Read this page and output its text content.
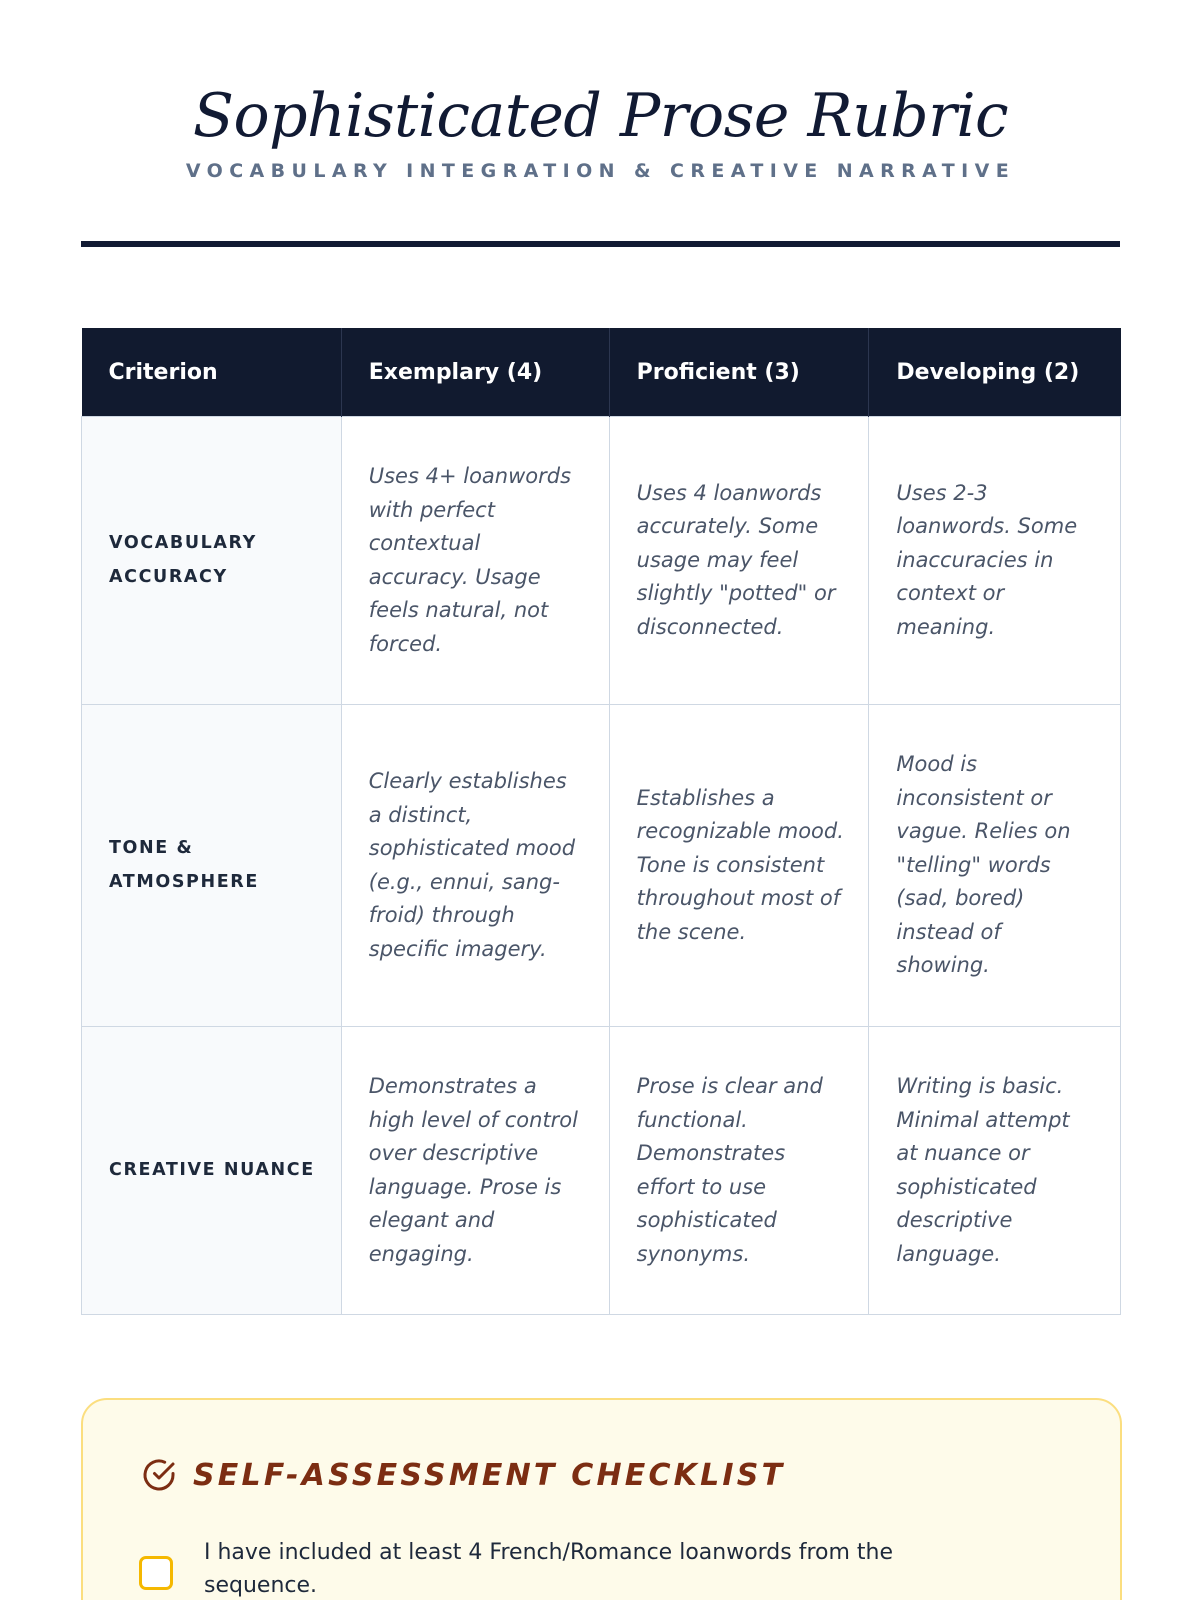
Sophisticated Prose Rubric
VOCABULARY INTEGRATION & CREATIVE NARRATIVE
Criterion	Exemplary (4)	Proficient (3)	Developing (2)
VOCABULARY ACCURACY	Uses 4+ loanwords with perfect contextual accuracy. Usage feels natural, not forced.	Uses 4 loanwords accurately. Some usage may feel slightly "potted" or disconnected.	Uses 2-3 loanwords. Some inaccuracies in context or meaning.
TONE & ATMOSPHERE	Clearly establishes a distinct, sophisticated mood (e.g., ennui, sang-froid) through specific imagery.	Establishes a recognizable mood. Tone is consistent throughout most of the scene.	Mood is inconsistent or vague. Relies on "telling" words (sad, bored) instead of showing.
CREATIVE NUANCE	Demonstrates a high level of control over descriptive language. Prose is elegant and engaging.	Prose is clear and functional. Demonstrates effort to use sophisticated synonyms.	Writing is basic. Minimal attempt at nuance or sophisticated descriptive language.
SELF-ASSESSMENT CHECKLIST
I have included at least 4 French/Romance loanwords from the sequence.
